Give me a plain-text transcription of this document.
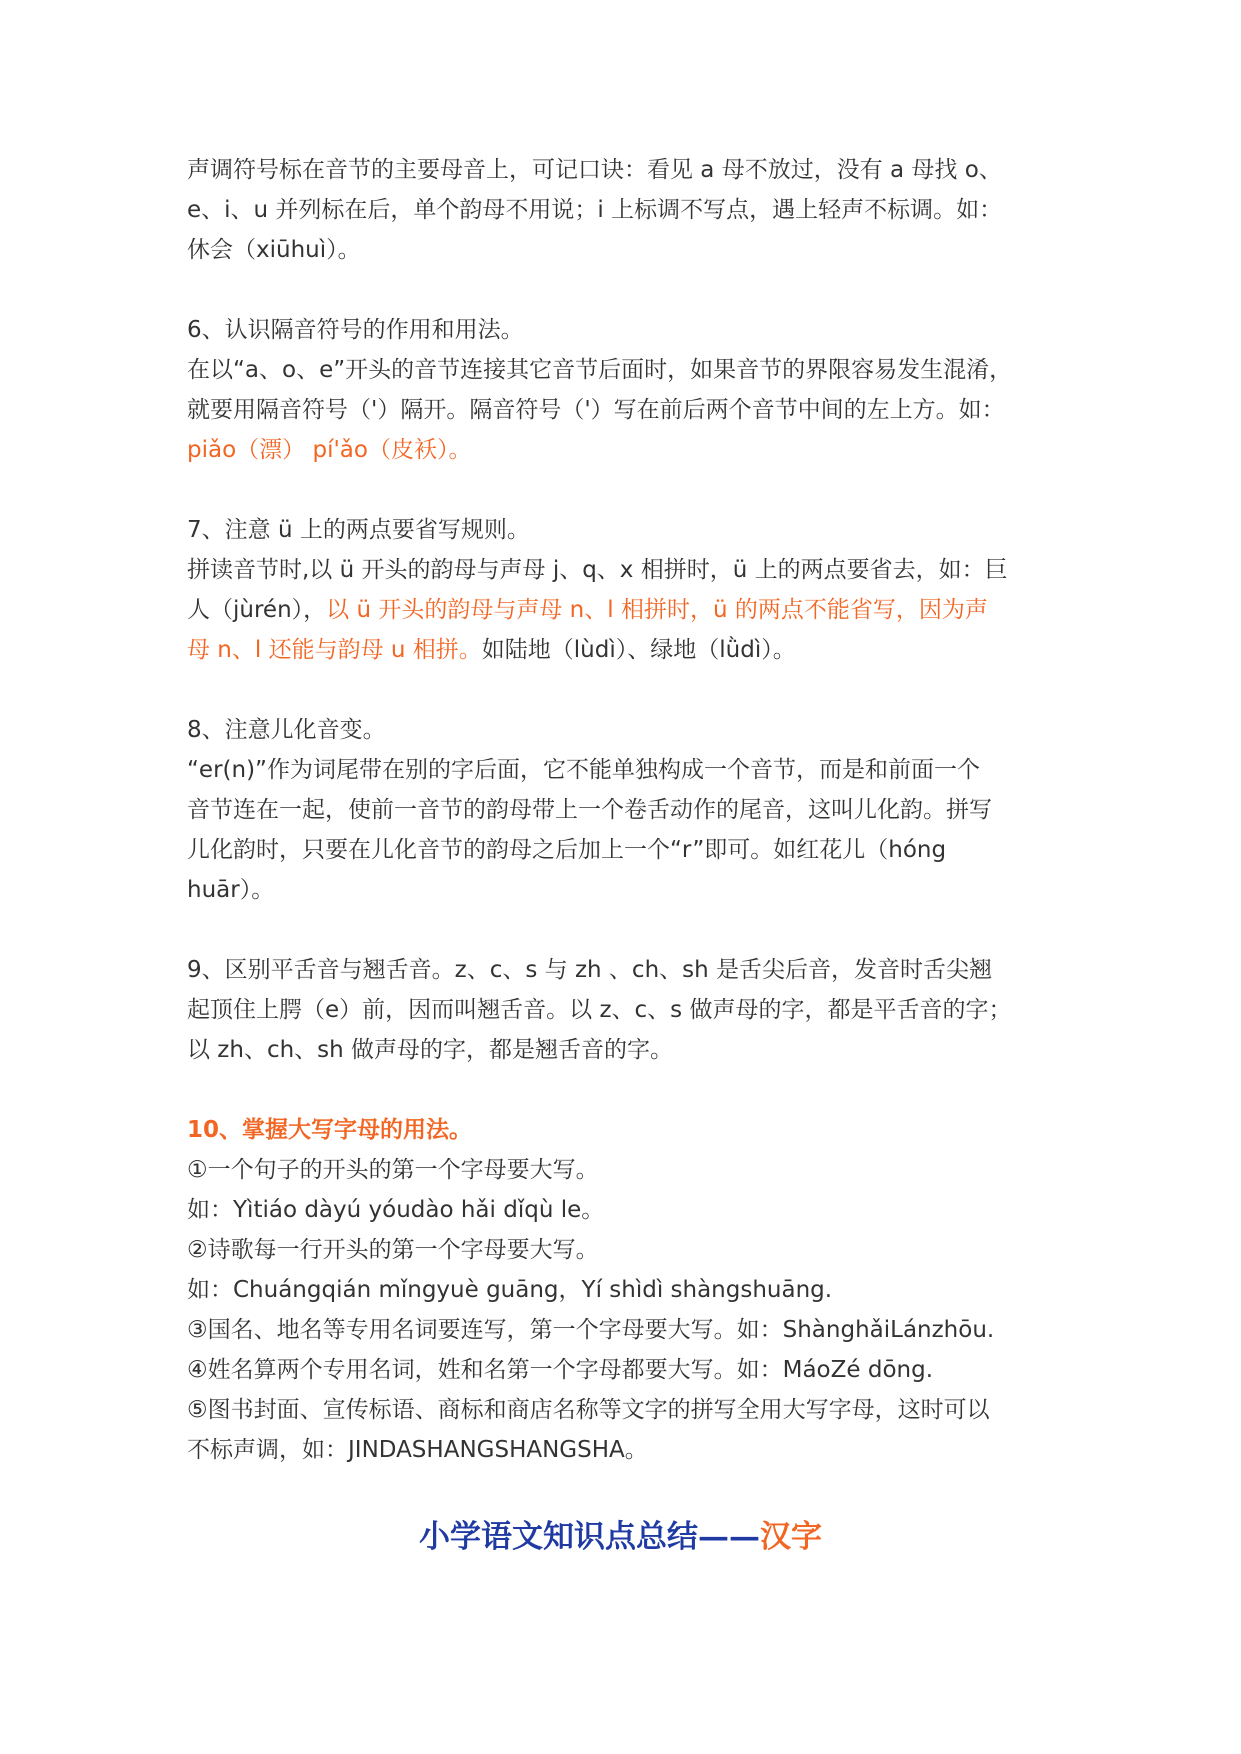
声调符号标在音节的主要母音上，可记口诀：看见 a 母不放过，没有 a 母找 o、

e、i、u 并列标在后，单个韵母不用说；i 上标调不写点，遇上轻声不标调。如：

休会（xiūhuì）。

6、认识隔音符号的作用和用法。

在以“a、o、e”开头的音节连接其它音节后面时，如果音节的界限容易发生混淆，

就要用隔音符号（'）隔开。隔音符号（'）写在前后两个音节中间的左上方。如：

piǎo（漂） pí'ǎo（皮袄）。

7、注意 ü 上的两点要省写规则。

拼读音节时,以 ü 开头的韵母与声母 j、q、x 相拼时，ü 上的两点要省去，如：巨

人（jùrén），以 ü 开头的韵母与声母 n、l 相拼时，ü 的两点不能省写，因为声

母 n、l 还能与韵母 u 相拼。如陆地（lùdì）、绿地（lǜdì）。

8、注意儿化音变。

“er(n)”作为词尾带在别的字后面，它不能单独构成一个音节，而是和前面一个

音节连在一起，使前一音节的韵母带上一个卷舌动作的尾音，这叫儿化韵。拼写

儿化韵时，只要在儿化音节的韵母之后加上一个“r”即可。如红花儿（hóng

huār）。

9、区别平舌音与翘舌音。z、c、s 与 zh 、ch、sh 是舌尖后音，发音时舌尖翘

起顶住上腭（e）前，因而叫翘舌音。以 z、c、s 做声母的字，都是平舌音的字；

以 zh、ch、sh 做声母的字，都是翘舌音的字。

10、掌握大写字母的用法。

①一个句子的开头的第一个字母要大写。

如：Yìtiáo dàyú yóudào hǎi dǐqù le。

②诗歌每一行开头的第一个字母要大写。

如：Chuángqián mǐngyuè guāng，Yí shìdì shàngshuāng.

③国名、地名等专用名词要连写，第一个字母要大写。如：ShànghǎiLánzhōu.

④姓名算两个专用名词，姓和名第一个字母都要大写。如：MáoZé dōng.

⑤图书封面、宣传标语、商标和商店名称等文字的拼写全用大写字母，这时可以

不标声调，如：JINDASHANGSHANGSHA。

小学语文知识点总结——汉字
